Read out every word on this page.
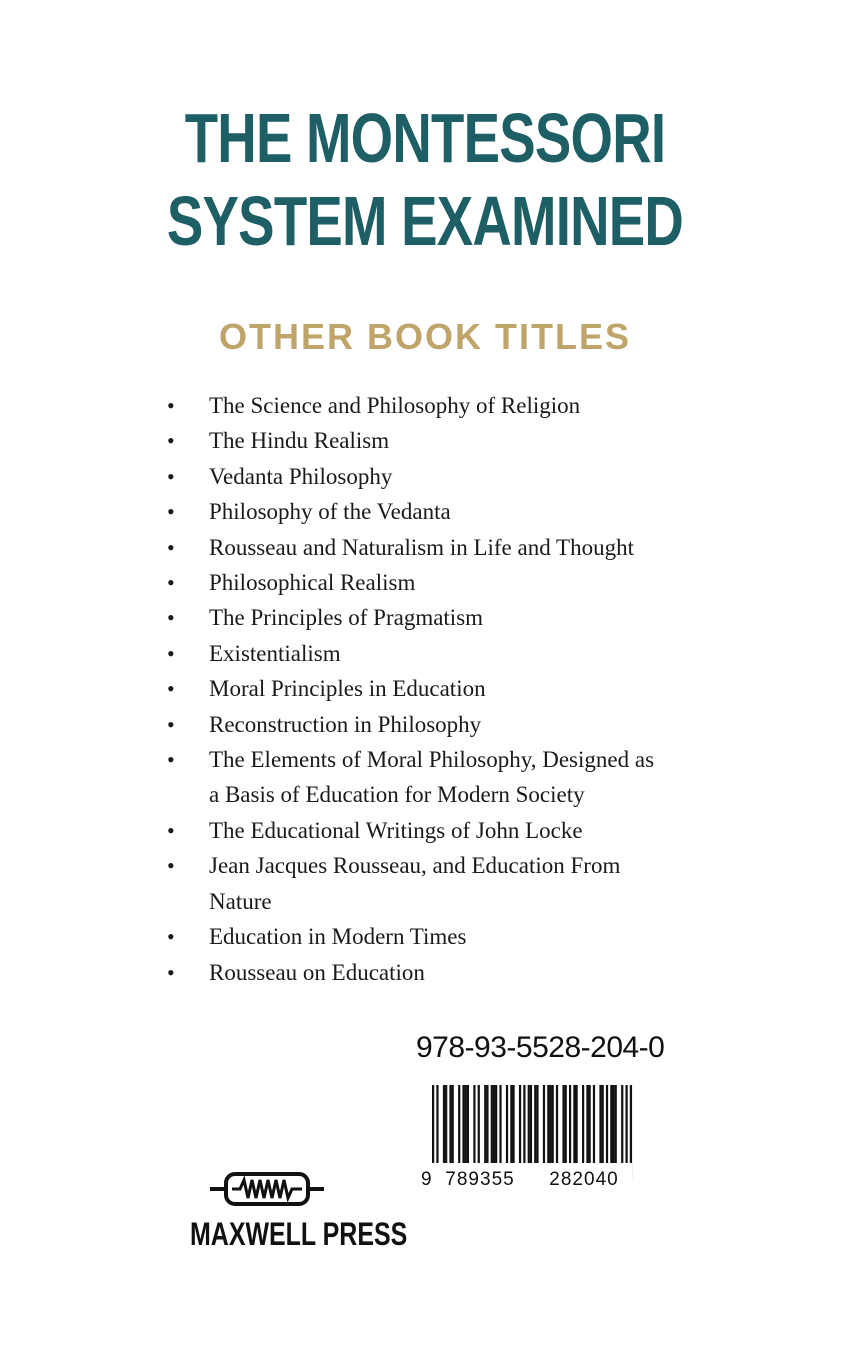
THE MONTESSORI
SYSTEM EXAMINED
OTHER BOOK TITLES
• The Science and Philosophy of Religion
• The Hindu Realism
• Vedanta Philosophy
• Philosophy of the Vedanta
• Rousseau and Naturalism in Life and Thought
• Philosophical Realism
• The Principles of Pragmatism
• Existentialism
• Moral Principles in Education
• Reconstruction in Philosophy
• The Elements of Moral Philosophy, Designed as
a Basis of Education for Modern Society
• The Educational Writings of John Locke
• Jean Jacques Rousseau, and Education From
Nature
• Education in Modern Times
• Rousseau on Education
978-93-5528-204-0
9 789355 282040
MAXWELL PRESS
